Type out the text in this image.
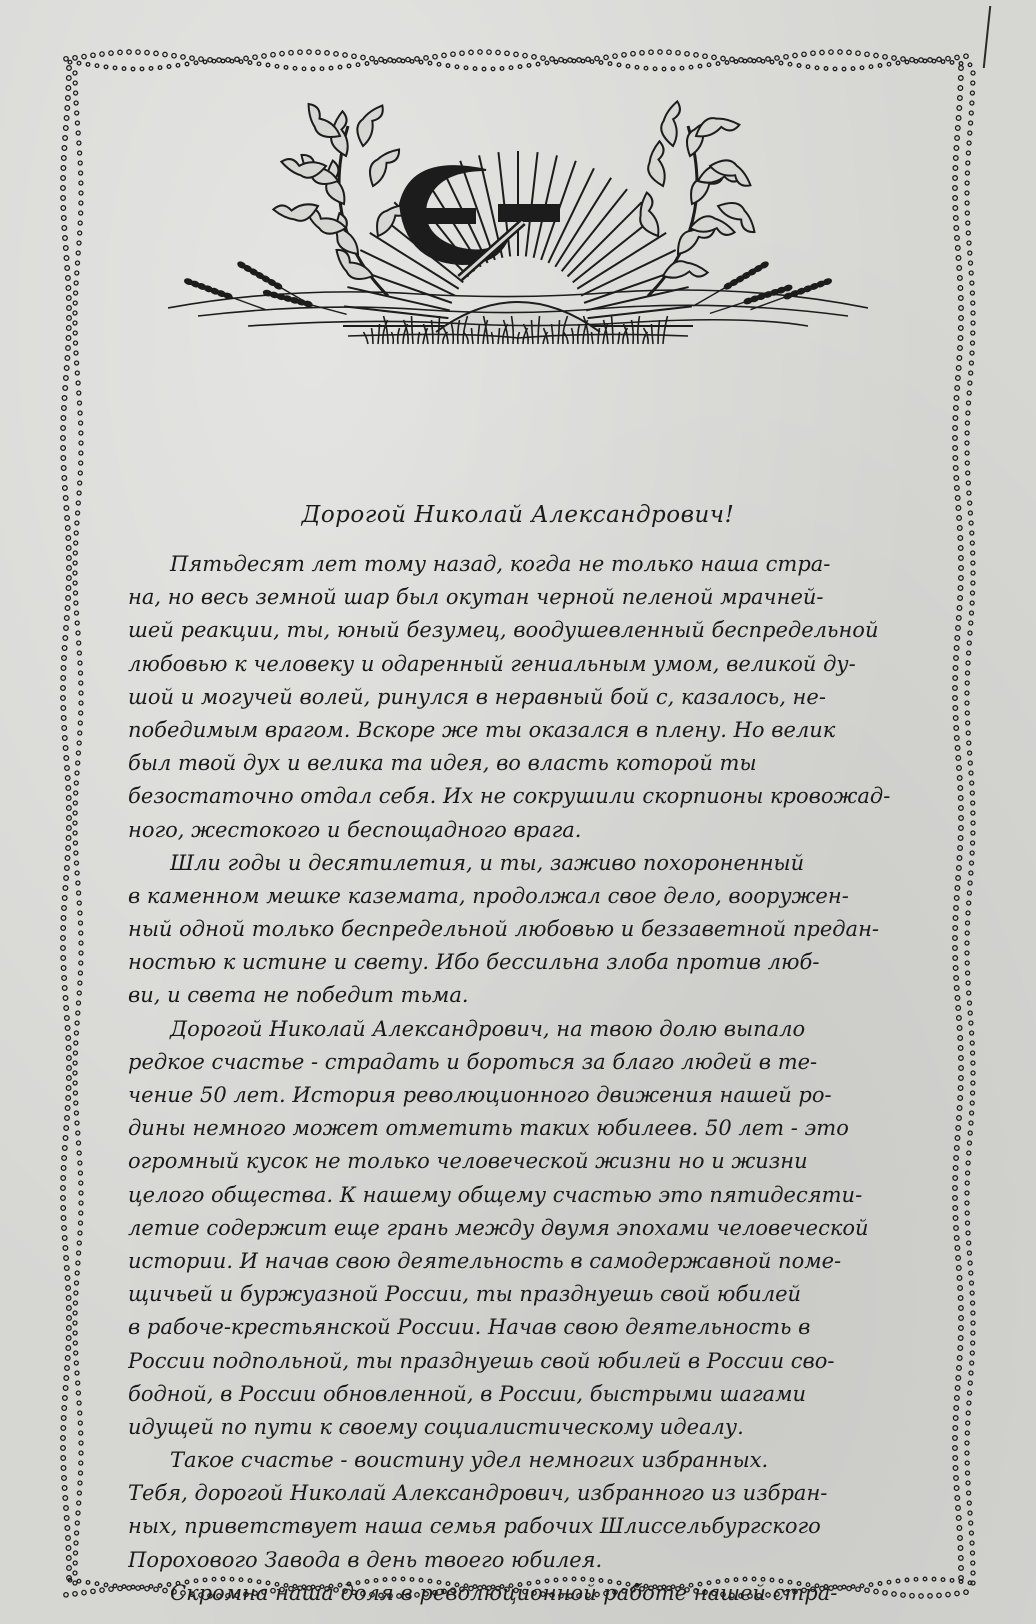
Дорогой Николай Александрович!
Пятьдесят лет тому назад, когда не только наша стра-
на, но весь земной шар был окутан черной пеленой мрачней-
шей реакции, ты, юный безумец, воодушевленный беспредельной
любовью к человеку и одаренный гениальным умом, великой ду-
шой и могучей волей, ринулся в неравный бой с, казалось, не-
победимым врагом. Вскоре же ты оказался в плену. Но велик
был твой дух и велика та идея, во власть которой ты
безостаточно отдал себя. Их не сокрушили скорпионы кровожад-
ного, жестокого и беспощадного врага.
Шли годы и десятилетия, и ты, заживо похороненный
в каменном мешке каземата, продолжал свое дело, вооружен-
ный одной только беспредельной любовью и беззаветной предан-
ностью к истине и свету. Ибо бессильна злоба против люб-
ви, и света не победит тьма.
Дорогой Николай Александрович, на твою долю выпало
редкое счастье - страдать и бороться за благо людей в те-
чение 50 лет. История революционного движения нашей ро-
дины немного может отметить таких юбилеев. 50 лет - это
огромный кусок не только человеческой жизни но и жизни
целого общества. К нашему общему счастью это пятидесяти-
летие содержит еще грань между двумя эпохами человеческой
истории. И начав свою деятельность в самодержавной поме-
щичьей и буржуазной России, ты празднуешь свой юбилей
в рабоче-крестьянской России. Начав свою деятельность в
России подпольной, ты празднуешь свой юбилей в России сво-
бодной, в России обновленной, в России, быстрыми шагами
идущей по пути к своему социалистическому идеалу.
Такое счастье - воистину удел немногих избранных.
Тебя, дорогой Николай Александрович, избранного из избран-
ных, приветствует наша семья рабочих Шлиссельбургского
Порохового Завода в день твоего юбилея.
Скромна наша доля в революционной работе нашей стра-
